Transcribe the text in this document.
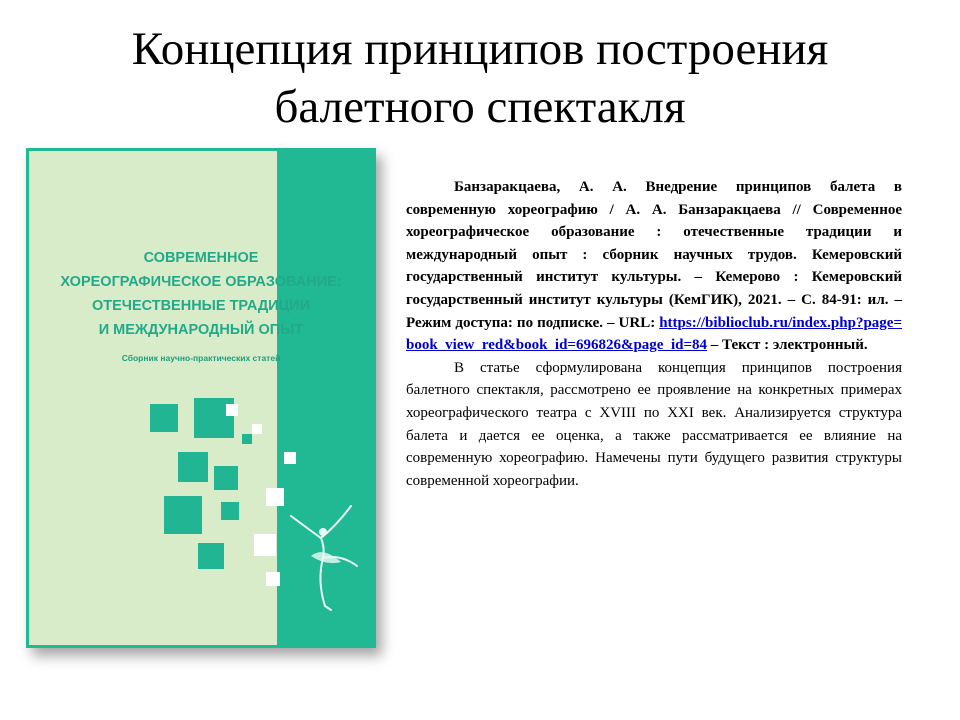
Концепция принципов построения балетного спектакля
СОВРЕМЕННОЕ
ХОРЕОГРАФИЧЕСКОЕ ОБРАЗОВАНИЕ:
ОТЕЧЕСТВЕННЫЕ ТРАДИЦИИ
И МЕЖДУНАРОДНЫЙ ОПЫТ
Сборник научно-практических статей

Банзаракцаева, А. А. Внедрение принципов балета в современную хореографию / А. А. Банзаракцаева // Современное хореографическое образование : отечественные традиции и международный опыт : сборник научных трудов. Кемеровский государственный институт культуры. – Кемерово : Кемеровский государственный институт культуры (КемГИК), 2021. – С. 84-91: ил. – Режим доступа: по подписке. – URL: https://biblioclub.ru/index.php?page=book_view_red&book_id=696826&page_id=84 – Текст : электронный.

В статье сформулирована концепция принципов построения балетного спектакля, рассмотрено ее проявление на конкретных примерах хореографического театра с XVIII по XXI век. Анализируется структура балета и дается ее оценка, а также рассматривается ее влияние на современную хореографию. Намечены пути будущего развития структуры современной хореографии.
